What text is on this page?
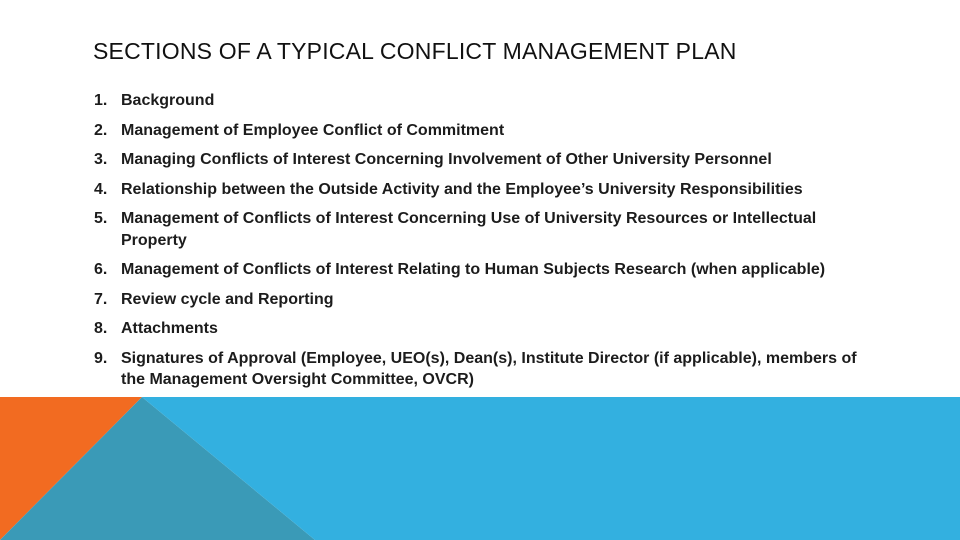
SECTIONS OF A TYPICAL CONFLICT MANAGEMENT PLAN
1. Background
2. Management of Employee Conflict of Commitment
3. Managing Conflicts of Interest Concerning Involvement of Other University Personnel
4. Relationship between the Outside Activity and the Employee’s University Responsibilities
5. Management of Conflicts of Interest Concerning Use of University Resources or Intellectual Property
6. Management of Conflicts of Interest Relating to Human Subjects Research (when applicable)
7. Review cycle and Reporting
8. Attachments
9. Signatures of Approval (Employee, UEO(s), Dean(s), Institute Director (if applicable), members of the Management Oversight Committee, OVCR)
